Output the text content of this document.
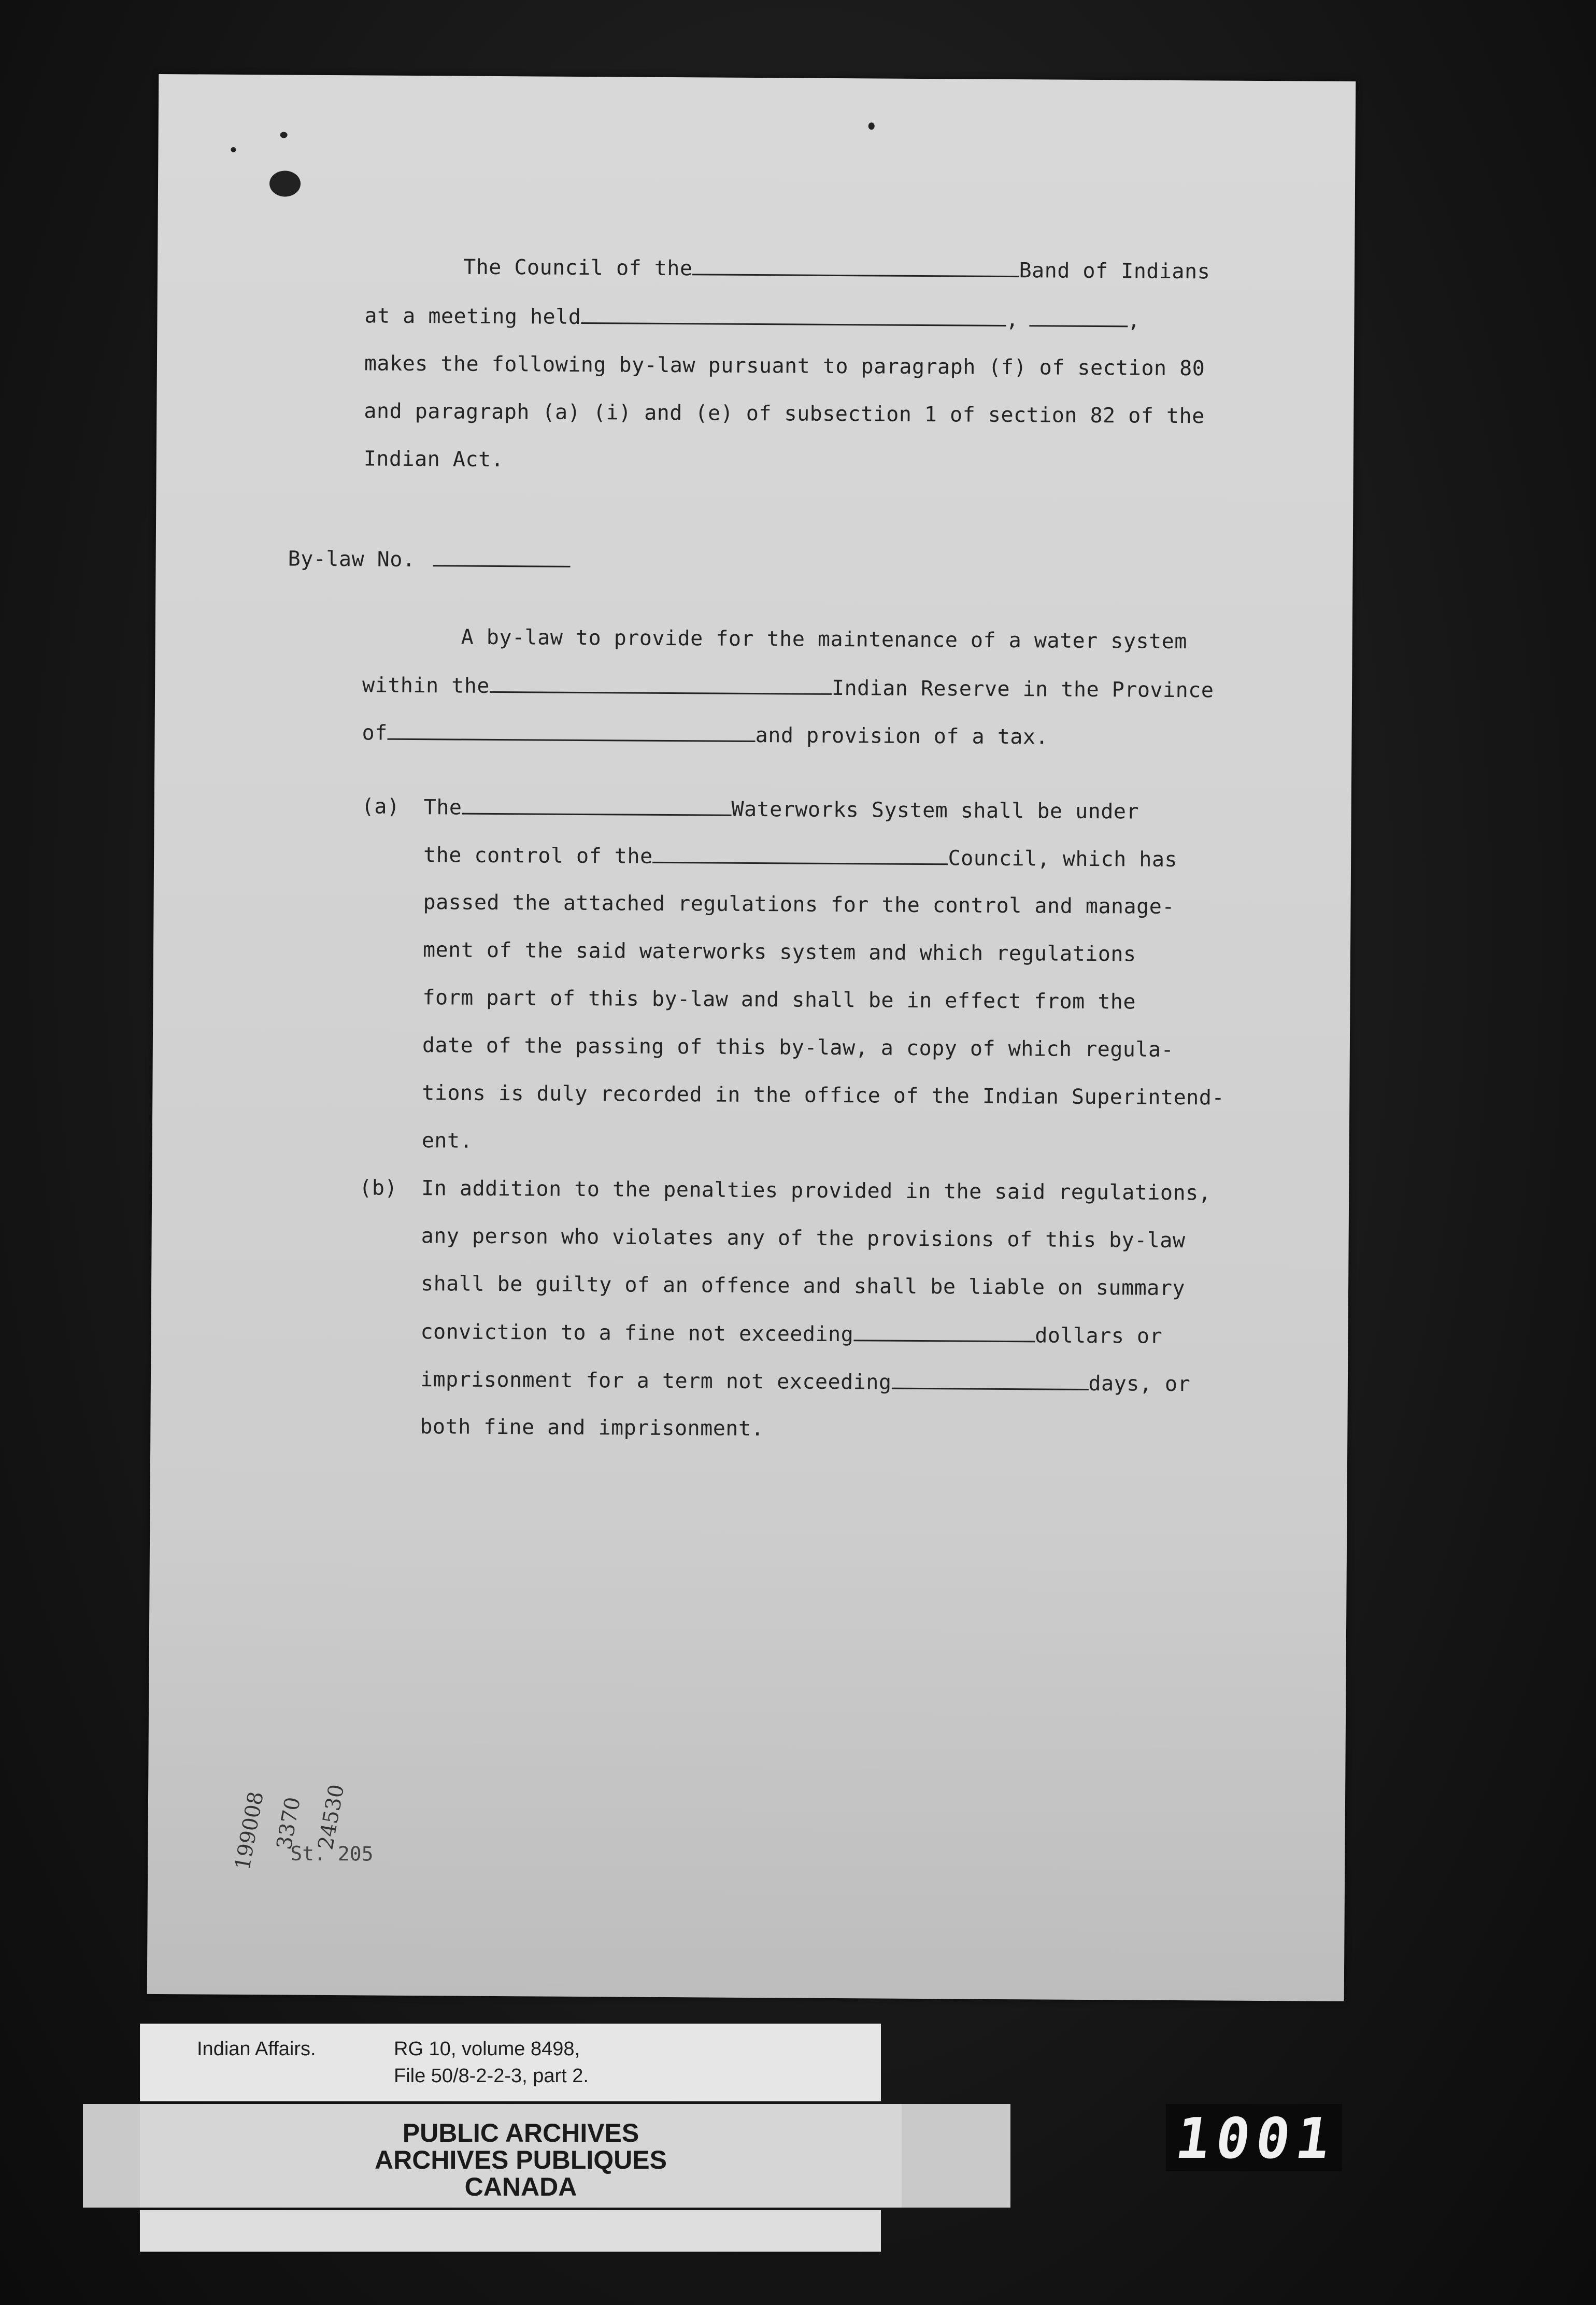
The Council of the	Band of Indians
at a meeting held	,	,
makes the following by-law pursuant to paragraph (f) of section 80
and paragraph (a) (i) and (e) of subsection 1 of section 82 of the
Indian Act.
By-law No.
A by-law to provide for the maintenance of a water system
within the	Indian Reserve in the Province
of	and provision of a tax.
(a) The	Waterworks System shall be under
the control of the	Council, which has
passed the attached regulations for the control and manage-
ment of the said waterworks system and which regulations
form part of this by-law and shall be in effect from the
date of the passing of this by-law, a copy of which regula-
tions is duly recorded in the office of the Indian Superintend-
ent.
(b) In addition to the penalties provided in the said regulations,
any person who violates any of the provisions of this by-law
shall be guilty of an offence and shall be liable on summary
conviction to a fine not exceeding	dollars or
imprisonment for a term not exceeding	days, or
both fine and imprisonment.
199008 3370 24530
St. 205
Indian Affairs.	RG 10, volume 8498,
File 50/8-2-2-3, part 2.
PUBLIC ARCHIVES
ARCHIVES PUBLIQUES
CANADA
1001
